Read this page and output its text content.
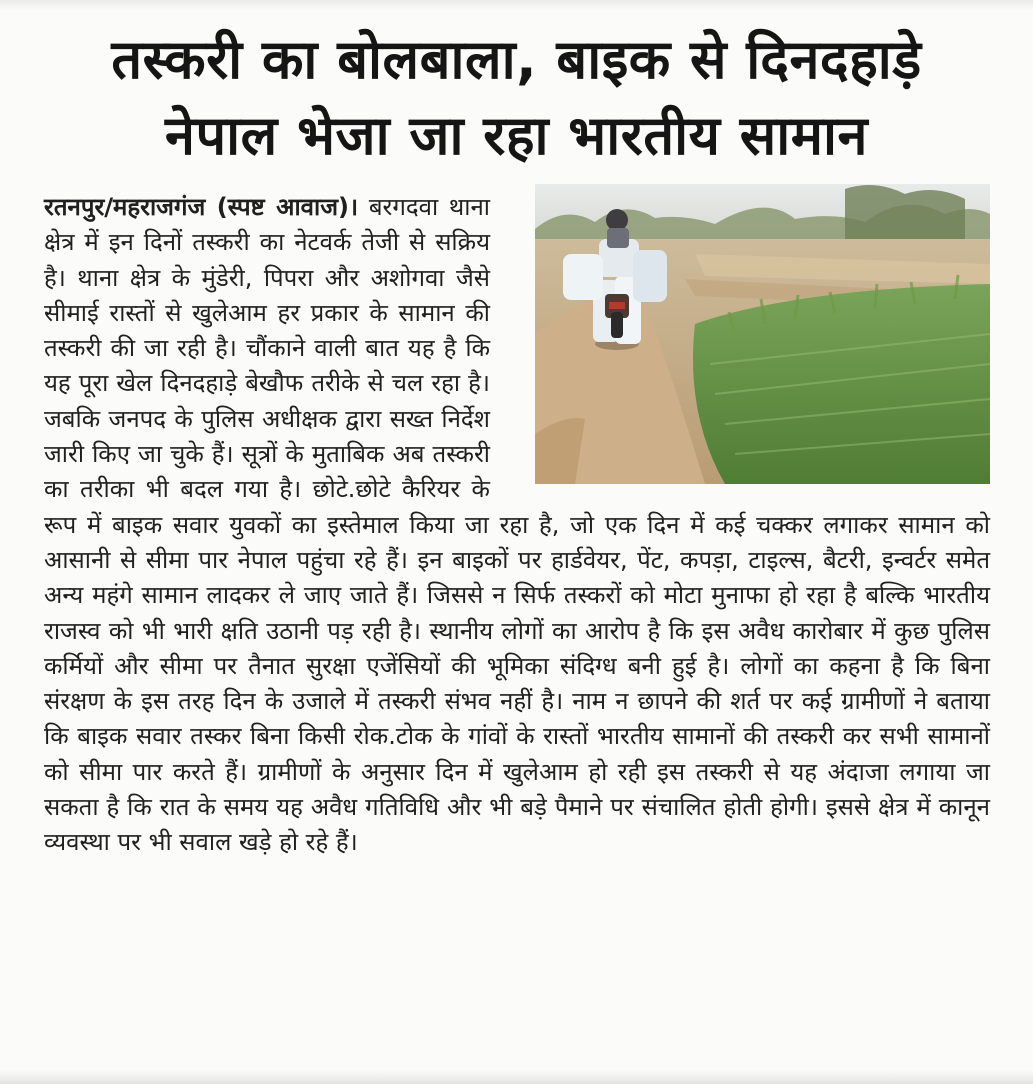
तस्करी का बोलबाला, बाइक से दिनदहाड़े
नेपाल भेजा जा रहा भारतीय सामान

रतनपुर/महराजगंज (स्पष्ट आवाज)। बरगदवा थाना क्षेत्र में इन दिनों तस्करी का नेटवर्क तेजी से सक्रिय है। थाना क्षेत्र के मुंडेरी, पिपरा और अशोगवा जैसे सीमाई रास्तों से खुलेआम हर प्रकार के सामान की तस्करी की जा रही है। चौंकाने वाली बात यह है कि यह पूरा खेल दिनदहाड़े बेखौफ तरीके से चल रहा है। जबकि जनपद के पुलिस अधीक्षक द्वारा सख्त निर्देश जारी किए जा चुके हैं। सूत्रों के मुताबिक अब तस्करी का तरीका भी बदल गया है। छोटे.छोटे कैरियर के रूप में बाइक सवार युवकों का इस्तेमाल किया जा रहा है, जो एक दिन में कई चक्कर लगाकर सामान को आसानी से सीमा पार नेपाल पहुंचा रहे हैं। इन बाइकों पर हार्डवेयर, पेंट, कपड़ा, टाइल्स, बैटरी, इन्वर्टर समेत अन्य महंगे सामान लादकर ले जाए जाते हैं। जिससे न सिर्फ तस्करों को मोटा मुनाफा हो रहा है बल्कि भारतीय राजस्व को भी भारी क्षति उठानी पड़ रही है। स्थानीय लोगों का आरोप है कि इस अवैध कारोबार में कुछ पुलिस कर्मियों और सीमा पर तैनात सुरक्षा एजेंसियों की भूमिका संदिग्ध बनी हुई है। लोगों का कहना है कि बिना संरक्षण के इस तरह दिन के उजाले में तस्करी संभव नहीं है। नाम न छापने की शर्त पर कई ग्रामीणों ने बताया कि बाइक सवार तस्कर बिना किसी रोक.टोक के गांवों के रास्तों भारतीय सामानों की तस्करी कर सभी सामानों को सीमा पार करते हैं। ग्रामीणों के अनुसार दिन में खुलेआम हो रही इस तस्करी से यह अंदाजा लगाया जा सकता है कि रात के समय यह अवैध गतिविधि और भी बड़े पैमाने पर संचालित होती होगी। इससे क्षेत्र में कानून व्यवस्था पर भी सवाल खड़े हो रहे हैं।
